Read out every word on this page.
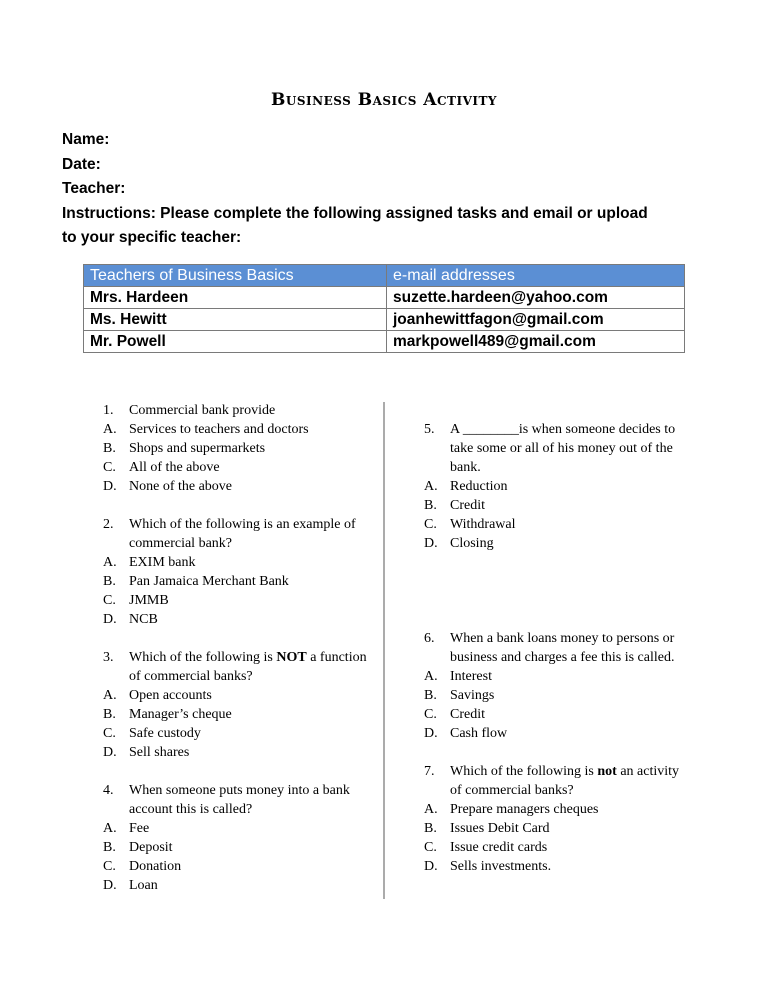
Business Basics Activity
Name:
Date:
Teacher:
Instructions: Please complete the following assigned tasks and email or upload
to your specific teacher:
Teachers of Business Basics	e-mail addresses
Mrs. Hardeen	suzette.hardeen@yahoo.com
Ms. Hewitt	joanhewittfagon@gmail.com
Mr. Powell	markpowell489@gmail.com
1.	Commercial bank provide
A. Services to teachers and doctors
B. Shops and supermarkets
C. All of the above
D. None of the above
2.	Which of the following is an example of commercial bank?
A. EXIM bank
B. Pan Jamaica Merchant Bank
C. JMMB
D. NCB
3.	Which of the following is NOT a function of commercial banks?
A. Open accounts
B. Manager’s cheque
C. Safe custody
D. Sell shares
4.	When someone puts money into a bank account this is called?
A. Fee
B. Deposit
C. Donation
D. Loan
5.	A ________is when someone decides to take some or all of his money out of the bank.
A. Reduction
B. Credit
C. Withdrawal
D. Closing
6.	When a bank loans money to persons or business and charges a fee this is called.
A. Interest
B. Savings
C. Credit
D. Cash flow
7.	Which of the following is not an activity of commercial banks?
A. Prepare managers cheques
B. Issues Debit Card
C. Issue credit cards
D. Sells investments.
